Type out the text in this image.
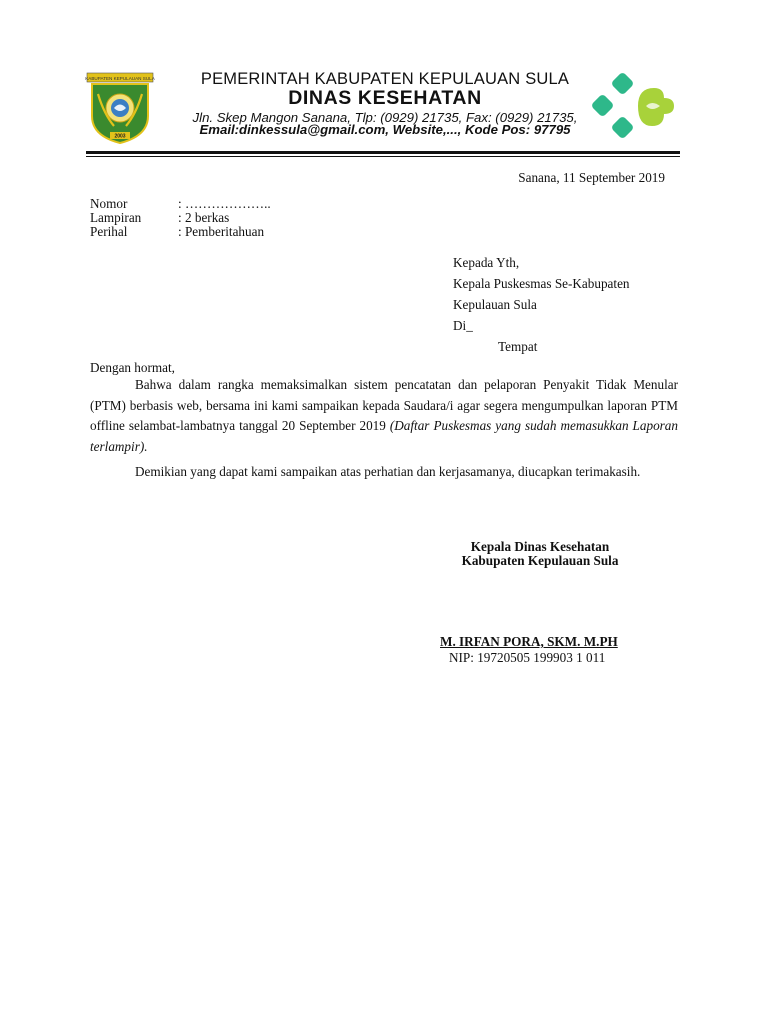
KABUPATEN KEPULAUAN SULA
2003
PEMERINTAH KABUPATEN KEPULAUAN SULA
DINAS KESEHATAN
Jln. Skep Mangon Sanana, Tlp: (0929) 21735, Fax: (0929) 21735,
Email:dinkessula@gmail.com, Website,..., Kode Pos: 97795
Sanana, 11 September 2019
Nomor	: ………………..
Lampiran	: 2 berkas
Perihal	: Pemberitahuan
Kepada Yth,
Kepala Puskesmas Se-Kabupaten
Kepulauan Sula
Di_
Tempat
Dengan hormat,
Bahwa dalam rangka memaksimalkan sistem pencatatan dan pelaporan Penyakit Tidak Menular (PTM) berbasis web, bersama ini kami sampaikan kepada Saudara/i agar segera mengumpulkan laporan PTM offline selambat-lambatnya tanggal 20 September 2019 (Daftar Puskesmas yang sudah memasukkan Laporan terlampir).
Demikian yang dapat kami sampaikan atas perhatian dan kerjasamanya, diucapkan terimakasih.
Kepala Dinas Kesehatan
Kabupaten Kepulauan Sula
M. IRFAN PORA, SKM. M.PH
NIP: 19720505 199903 1 011
